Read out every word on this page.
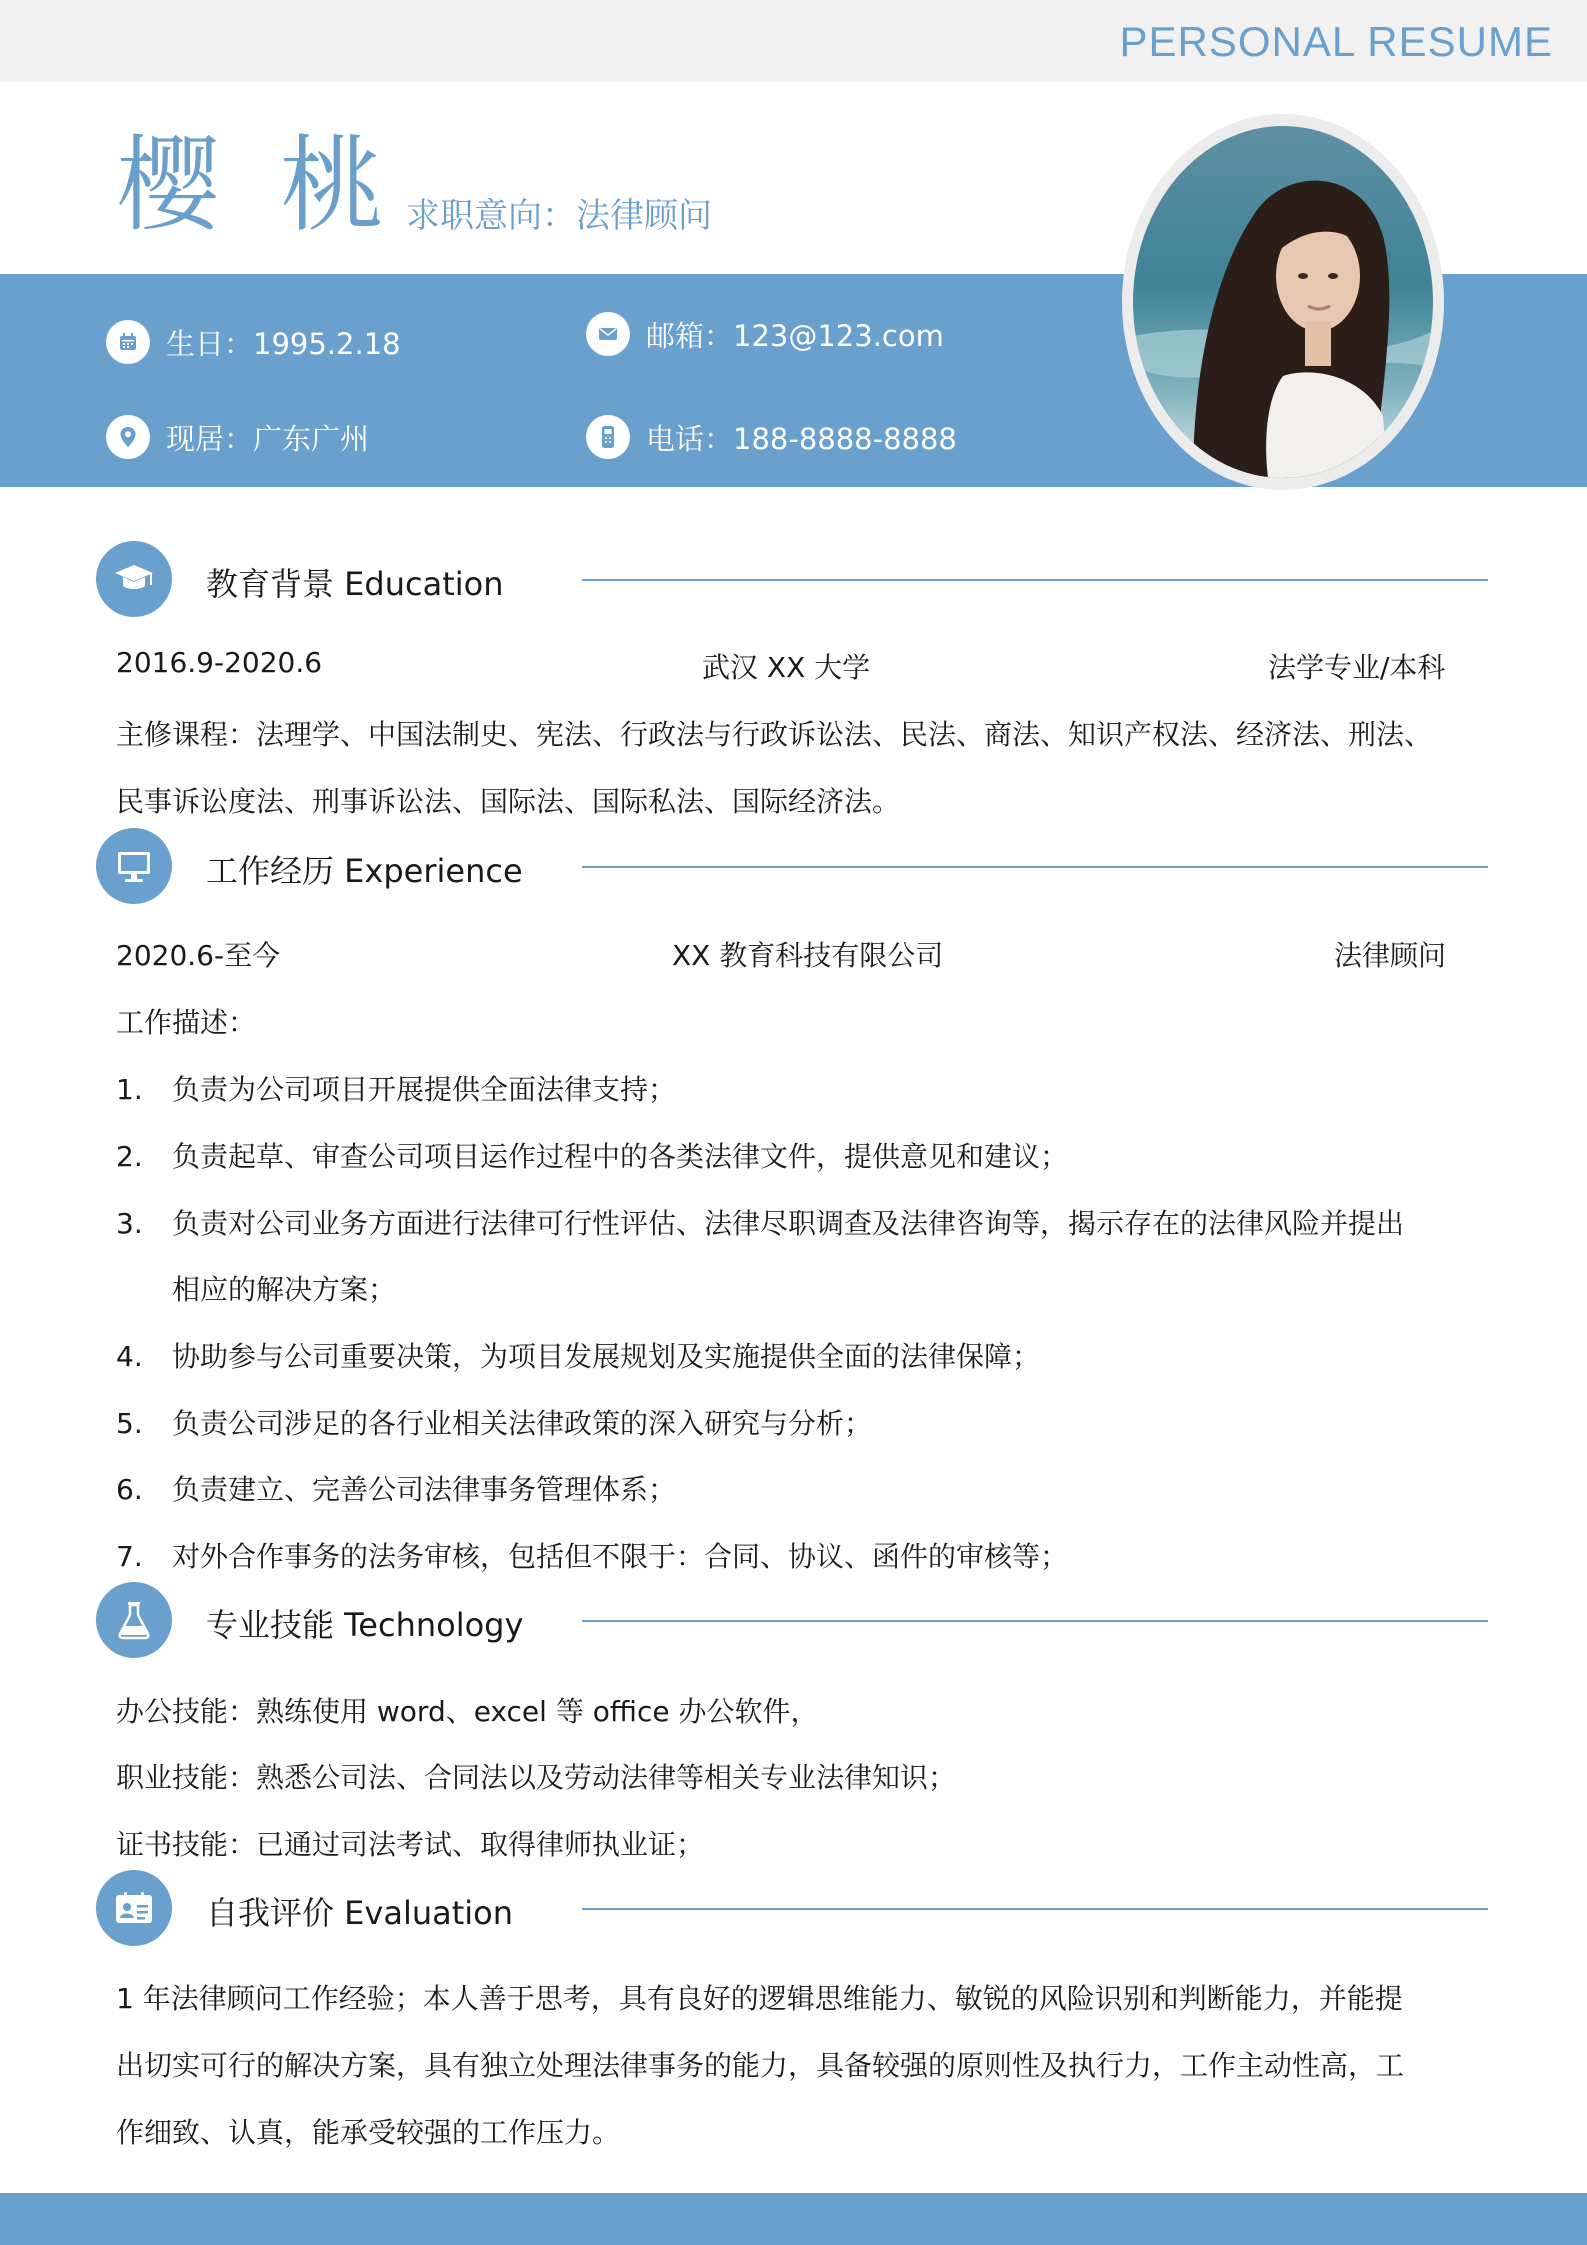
PERSONAL RESUME
樱桃
求职意向：法律顾问
生日：1995.2.18	邮箱：123@123.com
现居：广东广州	电话：188-8888-8888
教育背景 Education
2016.9-2020.6	武汉 XX 大学	法学专业/本科
主修课程：法理学、中国法制史、宪法、行政法与行政诉讼法、民法、商法、知识产权法、经济法、刑法、
民事诉讼度法、刑事诉讼法、国际法、国际私法、国际经济法。
工作经历 Experience
2020.6-至今	XX 教育科技有限公司	法律顾问
工作描述：
1. 负责为公司项目开展提供全面法律支持；
2. 负责起草、审查公司项目运作过程中的各类法律文件，提供意见和建议；
3. 负责对公司业务方面进行法律可行性评估、法律尽职调查及法律咨询等，揭示存在的法律风险并提出
相应的解决方案；
4. 协助参与公司重要决策，为项目发展规划及实施提供全面的法律保障；
5. 负责公司涉足的各行业相关法律政策的深入研究与分析；
6. 负责建立、完善公司法律事务管理体系；
7. 对外合作事务的法务审核，包括但不限于：合同、协议、函件的审核等；
专业技能 Technology
办公技能：熟练使用 word、excel 等 office 办公软件，
职业技能：熟悉公司法、合同法以及劳动法律等相关专业法律知识；
证书技能：已通过司法考试、取得律师执业证；
自我评价 Evaluation
1 年法律顾问工作经验；本人善于思考，具有良好的逻辑思维能力、敏锐的风险识别和判断能力，并能提
出切实可行的解决方案，具有独立处理法律事务的能力，具备较强的原则性及执行力，工作主动性高，工
作细致、认真，能承受较强的工作压力。
